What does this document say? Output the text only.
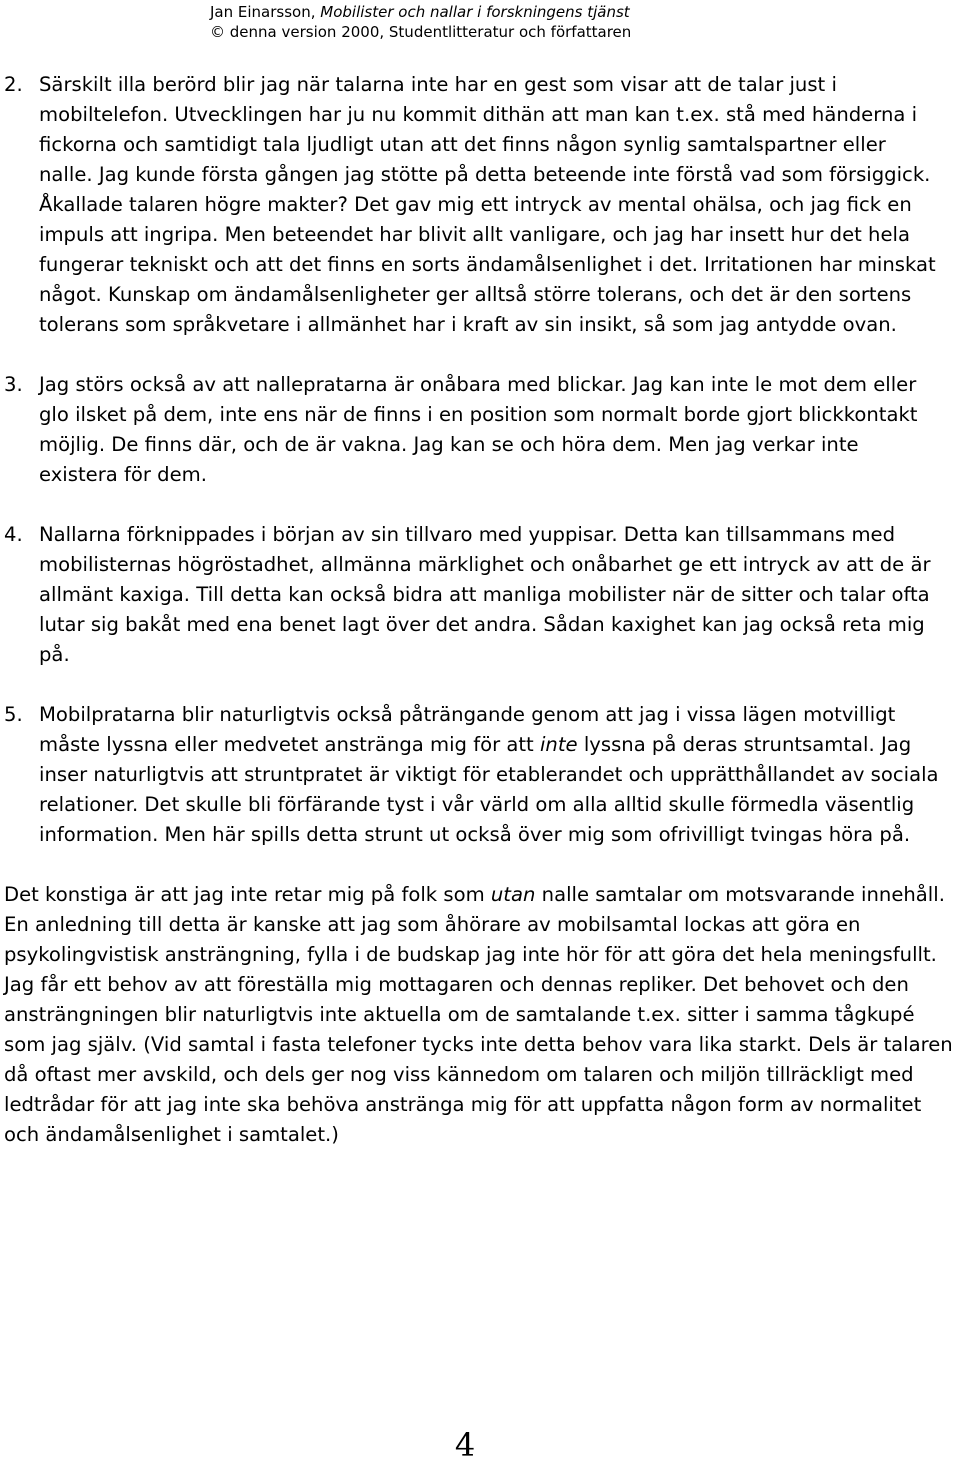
Jan Einarsson, Mobilister och nallar i forskningens tjänst
© denna version 2000, Studentlitteratur och författaren
2. Särskilt illa berörd blir jag när talarna inte har en gest som visar att de talar just i mobiltelefon. Utvecklingen har ju nu kommit dithän att man kan t.ex. stå med händerna i fickorna och samtidigt tala ljudligt utan att det finns någon synlig samtalspartner eller nalle. Jag kunde första gången jag stötte på detta beteende inte förstå vad som försiggick. Åkallade talaren högre makter? Det gav mig ett intryck av mental ohälsa, och jag fick en impuls att ingripa. Men beteendet har blivit allt vanligare, och jag har insett hur det hela fungerar tekniskt och att det finns en sorts ändamålsenlighet i det. Irritationen har minskat något. Kunskap om ändamålsenligheter ger alltså större tolerans, och det är den sortens tolerans som språkvetare i allmänhet har i kraft av sin insikt, så som jag antydde ovan.
3. Jag störs också av att nallepratarna är onåbara med blickar. Jag kan inte le mot dem eller glo ilsket på dem, inte ens när de finns i en position som normalt borde gjort blickkontakt möjlig. De finns där, och de är vakna. Jag kan se och höra dem. Men jag verkar inte existera för dem.
4. Nallarna förknippades i början av sin tillvaro med yuppisar. Detta kan tillsammans med mobilisternas högröstadhet, allmänna märklighet och onåbarhet ge ett intryck av att de är allmänt kaxiga. Till detta kan också bidra att manliga mobilister när de sitter och talar ofta lutar sig bakåt med ena benet lagt över det andra. Sådan kaxighet kan jag också reta mig på.
5. Mobilpratarna blir naturligtvis också påträngande genom att jag i vissa lägen motvilligt måste lyssna eller medvetet anstränga mig för att inte lyssna på deras struntsamtal. Jag inser naturligtvis att struntpratet är viktigt för etablerandet och upprätthållandet av sociala relationer. Det skulle bli förfärande tyst i vår värld om alla alltid skulle förmedla väsentlig information. Men här spills detta strunt ut också över mig som ofrivilligt tvingas höra på.

Det konstiga är att jag inte retar mig på folk som utan nalle samtalar om motsvarande innehåll. En anledning till detta är kanske att jag som åhörare av mobilsamtal lockas att göra en psykolingvistisk ansträngning, fylla i de budskap jag inte hör för att göra det hela meningsfullt. Jag får ett behov av att föreställa mig mottagaren och dennas repliker. Det behovet och den ansträngningen blir naturligtvis inte aktuella om de samtalande t.ex. sitter i samma tågkupé som jag själv. (Vid samtal i fasta telefoner tycks inte detta behov vara lika starkt. Dels är talaren då oftast mer avskild, och dels ger nog viss kännedom om talaren och miljön tillräckligt med ledtrådar för att jag inte ska behöva anstränga mig för att uppfatta någon form av normalitet och ändamålsenlighet i samtalet.)

4
